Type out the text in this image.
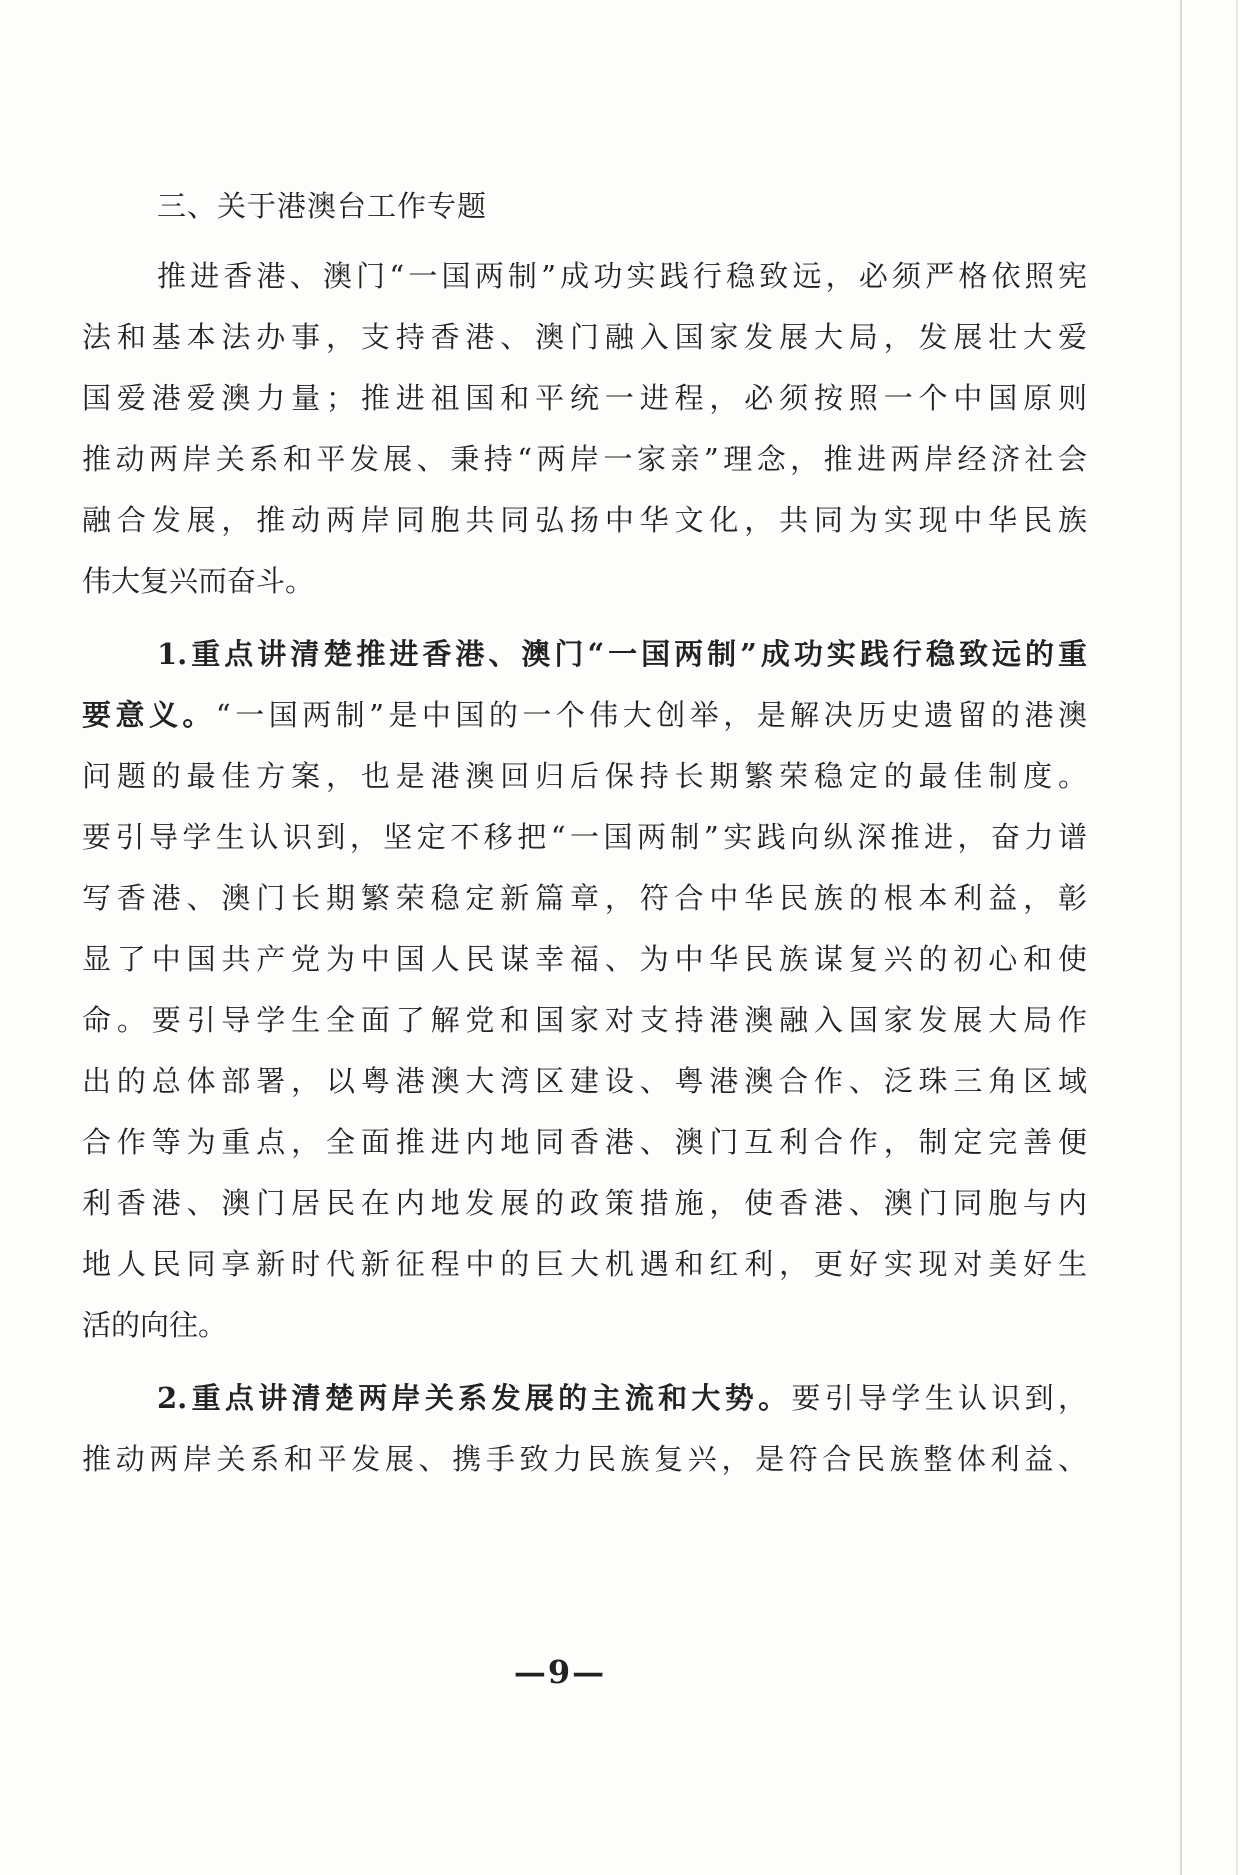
三、关于港澳台工作专题
推进香港、澳门“一国两制”成功实践行稳致远，必须严格依照宪
法和基本法办事，支持香港、澳门融入国家发展大局，发展壮大爱
国爱港爱澳力量；推进祖国和平统一进程，必须按照一个中国原则
推动两岸关系和平发展、秉持“两岸一家亲”理念，推进两岸经济社会
融合发展，推动两岸同胞共同弘扬中华文化，共同为实现中华民族
伟大复兴而奋斗。
1.重点讲清楚推进香港、澳门“一国两制”成功实践行稳致远的重
要意义。“一国两制”是中国的一个伟大创举，是解决历史遗留的港澳
问题的最佳方案，也是港澳回归后保持长期繁荣稳定的最佳制度。
要引导学生认识到，坚定不移把“一国两制”实践向纵深推进，奋力谱
写香港、澳门长期繁荣稳定新篇章，符合中华民族的根本利益，彰
显了中国共产党为中国人民谋幸福、为中华民族谋复兴的初心和使
命。要引导学生全面了解党和国家对支持港澳融入国家发展大局作
出的总体部署，以粤港澳大湾区建设、粤港澳合作、泛珠三角区域
合作等为重点，全面推进内地同香港、澳门互利合作，制定完善便
利香港、澳门居民在内地发展的政策措施，使香港、澳门同胞与内
地人民同享新时代新征程中的巨大机遇和红利，更好实现对美好生
活的向往。
2.重点讲清楚两岸关系发展的主流和大势。要引导学生认识到，
推动两岸关系和平发展、携手致力民族复兴，是符合民族整体利益、
—9—
